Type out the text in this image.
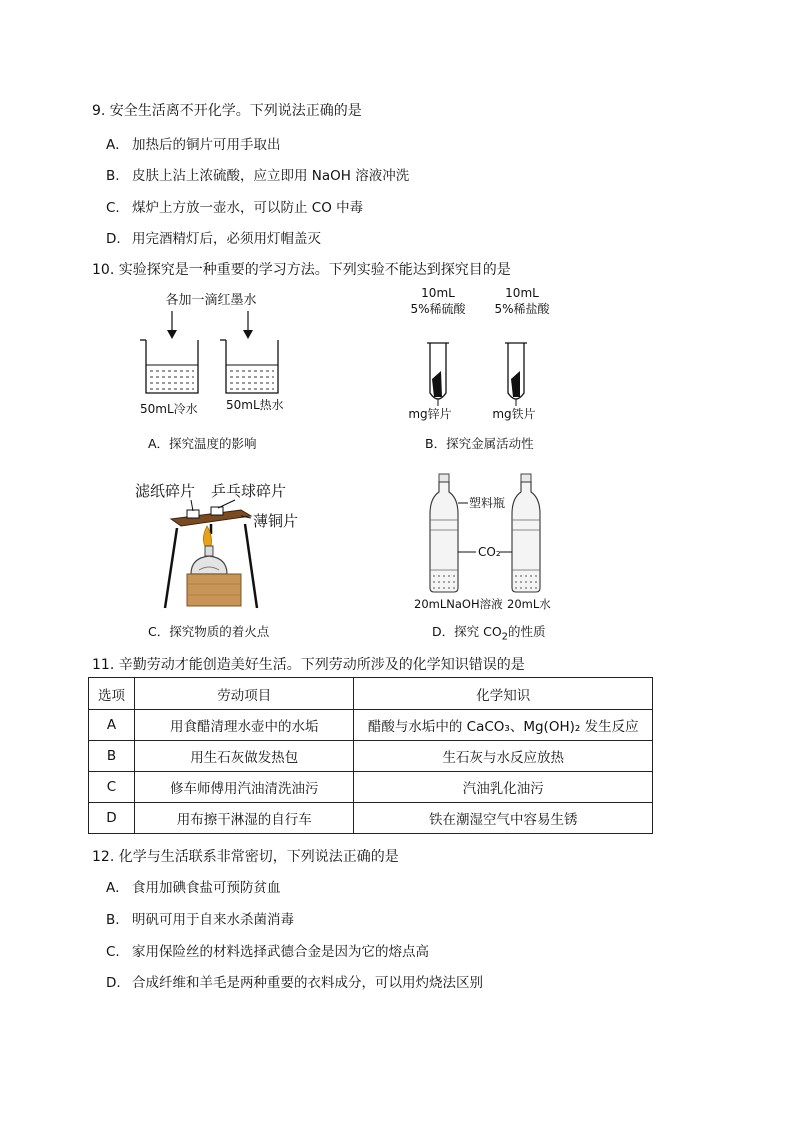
9. 安全生活离不开化学。下列说法正确的是
A． 加热后的铜片可用手取出
B. 皮肤上沾上浓硫酸，应立即用 NaOH 溶液冲洗
C. 煤炉上方放一壶水，可以防止 CO 中毒
D. 用完酒精灯后，必须用灯帽盖灭
10. 实验探究是一种重要的学习方法。下列实验不能达到探究目的是
各加一滴红墨水
50mL冷水 50mL热水
A．探究温度的影响
10mL
5%稀硫酸
10mL
5%稀盐酸
mg锌片	mg铁片
B．探究金属活动性
滤纸碎片 乒乓球碎片
薄铜片
C．探究物质的着火点
塑料瓶
CO₂
20mLNaOH溶液 20mL水
D．探究 $CO_2$的性质
11. 辛勤劳动才能创造美好生活。下列劳动所涉及的化学知识错误的是
选项	劳动项目	化学知识
A	用食醋清理水壶中的水垢	醋酸与水垢中的 CaCO₃、Mg(OH)₂ 发生反应
B	用生石灰做发热包	生石灰与水反应放热
C	修车师傅用汽油清洗油污	汽油乳化油污
D	用布擦干淋湿的自行车	铁在潮湿空气中容易生锈
12. 化学与生活联系非常密切，下列说法正确的是
A． 食用加碘食盐可预防贫血
B. 明矾可用于自来水杀菌消毒
C. 家用保险丝的材料选择武德合金是因为它的熔点高
D. 合成纤维和羊毛是两种重要的衣料成分，可以用灼烧法区别
